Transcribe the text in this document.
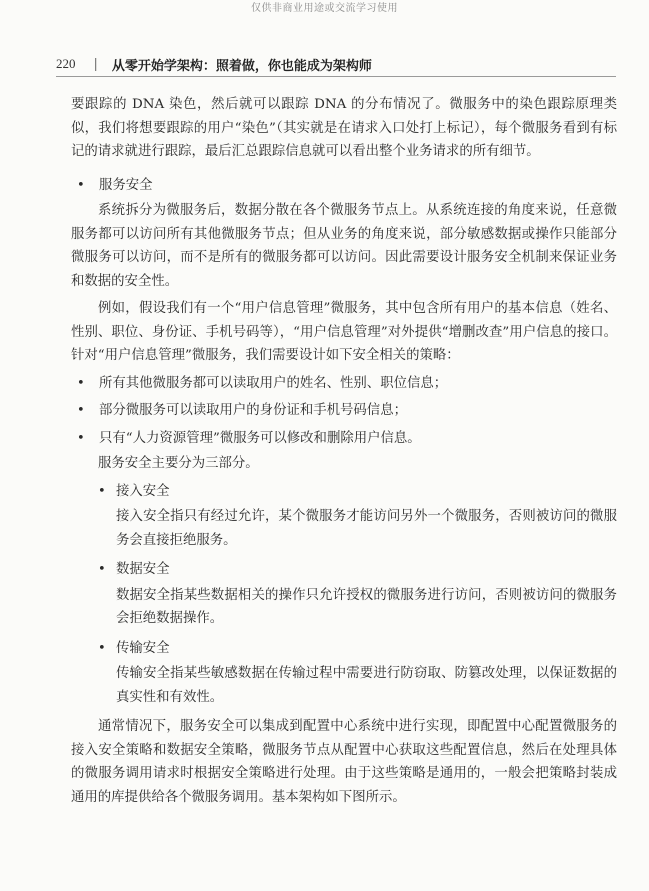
仅供非商业用途或交流学习使用
220 | 从零开始学架构：照着做，你也能成为架构师

要跟踪的 DNA 染色，然后就可以跟踪 DNA 的分布情况了。微服务中的染色跟踪原理类似，我们将想要跟踪的用户“染色”（其实就是在请求入口处打上标记），每个微服务看到有标记的请求就进行跟踪，最后汇总跟踪信息就可以看出整个业务请求的所有细节。

• 服务安全

系统拆分为微服务后，数据分散在各个微服务节点上。从系统连接的角度来说，任意微服务都可以访问所有其他微服务节点；但从业务的角度来说，部分敏感数据或操作只能部分微服务可以访问，而不是所有的微服务都可以访问。因此需要设计服务安全机制来保证业务和数据的安全性。

例如，假设我们有一个“用户信息管理”微服务，其中包含所有用户的基本信息（姓名、性别、职位、身份证、手机号码等），“用户信息管理”对外提供“增删改查”用户信息的接口。针对“用户信息管理”微服务，我们需要设计如下安全相关的策略：

• 所有其他微服务都可以读取用户的姓名、性别、职位信息；

• 部分微服务可以读取用户的身份证和手机号码信息；

• 只有“人力资源管理”微服务可以修改和删除用户信息。

服务安全主要分为三部分。

• 接入安全

接入安全指只有经过允许，某个微服务才能访问另外一个微服务，否则被访问的微服务会直接拒绝服务。

• 数据安全

数据安全指某些数据相关的操作只允许授权的微服务进行访问，否则被访问的微服务会拒绝数据操作。

• 传输安全

传输安全指某些敏感数据在传输过程中需要进行防窃取、防篡改处理，以保证数据的真实性和有效性。

通常情况下，服务安全可以集成到配置中心系统中进行实现，即配置中心配置微服务的接入安全策略和数据安全策略，微服务节点从配置中心获取这些配置信息，然后在处理具体的微服务调用请求时根据安全策略进行处理。由于这些策略是通用的，一般会把策略封装成通用的库提供给各个微服务调用。基本架构如下图所示。
